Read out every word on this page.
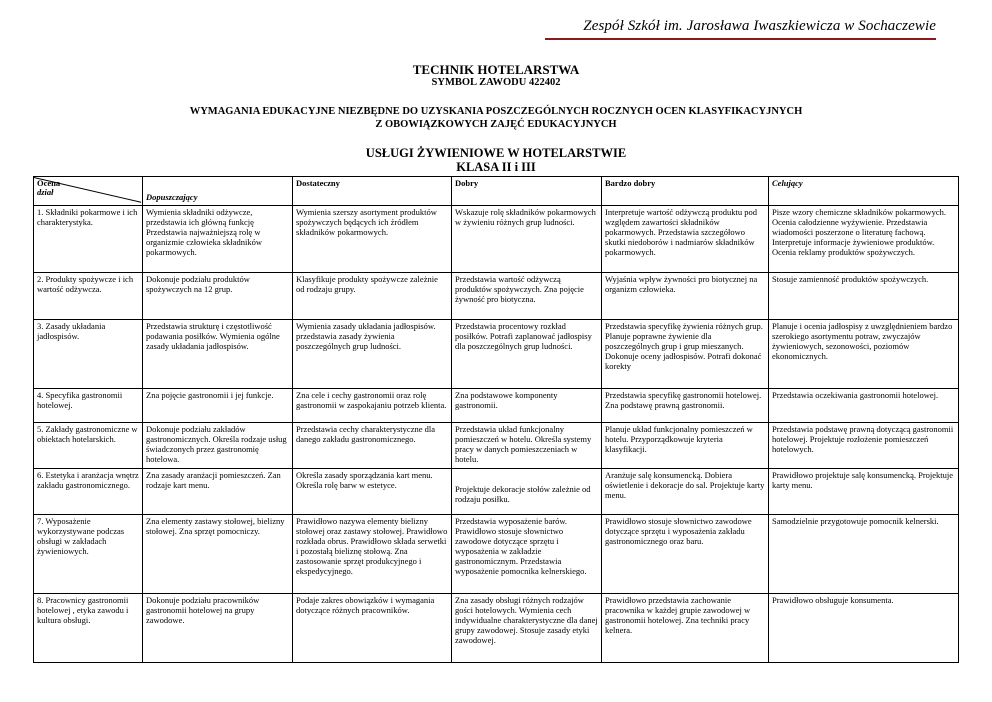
Zespół Szkół im. Jarosława Iwaszkiewicza w Sochaczewie
TECHNIK HOTELARSTWA
SYMBOL ZAWODU 422402
WYMAGANIA EDUKACYJNE NIEZBĘDNE DO UZYSKANIA POSZCZEGÓLNYCH ROCZNYCH OCEN KLASYFIKACYJNYCH
Z OBOWIĄZKOWYCH ZAJĘĆ EDUKACYJNYCH
USŁUGI ŻYWIENIOWE W HOTELARSTWIE
KLASA II i III
Ocena
dział	Dopuszczający	Dostateczny	Dobry	Bardzo dobry	Celujący
1. Składniki pokarmowe i ich charakterystyka.	Wymienia składniki odżywcze, przedstawia ich główną funkcję Przedstawia najważniejszą rolę w organizmie człowieka składników pokarmowych.	Wymienia szerszy asortyment produktów spożywczych będących ich źródłem składników pokarmowych.	Wskazuje rolę składników pokarmowych w żywieniu różnych grup ludności.	Interpretuje wartość odżywczą produktu pod względem zawartości składników pokarmowych. Przedstawia szczegółowo skutki niedoborów i nadmiarów składników pokarmowych.	Pisze wzory chemiczne składników pokarmowych. Ocenia całodzienne wyżywienie. Przedstawia wiadomości poszerzone o literaturę fachową. Interpretuje informacje żywieniowe produktów. Ocenia reklamy produktów spożywczych.
2. Produkty spożywcze i ich wartość odżywcza.	Dokonuje podziału produktów spożywczych na 12 grup.	Klasyfikuje produkty spożywcze zależnie od rodzaju grupy.	Przedstawia wartość odżywczą produktów spożywczych. Zna pojęcie żywność pro biotyczna.	Wyjaśnia wpływ żywności pro biotycznej na organizm człowieka.	Stosuje zamienność produktów spożywczych.
3. Zasady układania jadłospisów.	Przedstawia strukturę i częstotliwość podawania posiłków. Wymienia ogólne zasady układania jadłospisów.	Wymienia zasady układania jadłospisów. przedstawia zasady żywienia poszczególnych grup ludności.	Przedstawia procentowy rozkład posiłków. Potrafi zaplanować jadłospisy dla poszczególnych grup ludności.	Przedstawia specyfikę żywienia różnych grup. Planuje poprawne żywienie dla poszczególnych grup i grup mieszanych. Dokonuje oceny jadłospisów. Potrafi dokonać korekty	Planuje i ocenia jadłospisy z uwzględnieniem bardzo szerokiego asortymentu potraw, zwyczajów żywieniowych, sezonowości, poziomów ekonomicznych.
4. Specyfika gastronomii hotelowej.	Zna pojęcie gastronomii i jej funkcje.	Zna cele i cechy gastronomii oraz rolę gastronomii w zaspokajaniu potrzeb klienta.	Zna podstawowe komponenty gastronomii.	Przedstawia specyfikę gastronomii hotelowej. Zna podstawę prawną gastronomii.	Przedstawia oczekiwania gastronomii hotelowej.
5. Zakłady gastronomiczne w obiektach hotelarskich.	Dokonuje podziału zakładów gastronomicznych. Określa rodzaje usług świadczonych przez gastronomię hotelowa.	Przedstawia cechy charakterystyczne dla danego zakładu gastronomicznego.	Przedstawia układ funkcjonalny pomieszczeń w hotelu. Określa systemy pracy w danych pomieszczeniach w hotelu.	Planuje układ funkcjonalny pomieszczeń w hotelu. Przyporządkowuje kryteria klasyfikacji.	Przedstawia podstawę prawną dotyczącą gastronomii hotelowej. Projektuje rozłożenie pomieszczeń hotelowych.
6. Estetyka i aranżacja wnętrz zakładu gastronomicznego.	Zna zasady aranżacji pomieszczeń. Zan rodzaje kart menu.	Określa zasady sporządzania kart menu. Określa rolę barw w estetyce.	Projektuje dekoracje stołów zależnie od rodzaju posiłku.	Aranżuje salę konsumencką. Dobiera oświetlenie i dekoracje do sal. Projektuje karty menu.	Prawidłowo projektuje salę konsumencką. Projektuje karty menu.
7. Wyposażenie wykorzystywane podczas obsługi w zakładach żywieniowych.	Zna elementy zastawy stołowej, bielizny stołowej. Zna sprzęt pomocniczy.	Prawidłowo nazywa elementy bielizny stołowej oraz zastawy stołowej. Prawidłowo rozkłada obrus. Prawidłowo składa serwetki i pozostałą bieliznę stołową. Zna zastosowanie sprzęt produkcyjnego i ekspedycyjnego.	Przedstawia wyposażenie barów. Prawidłowo stosuje słownictwo zawodowe dotyczące sprzętu i wyposażenia w zakładzie gastronomicznym. Przedstawia wyposażenie pomocnika kelnerskiego.	Prawidłowo stosuje słownictwo zawodowe dotyczące sprzętu i wyposażenia zakładu gastronomicznego oraz baru.	Samodzielnie przygotowuje pomocnik kelnerski.
8. Pracownicy gastronomii hotelowej , etyka zawodu i kultura obsługi.	Dokonuje podziału pracowników gastronomii hotelowej na grupy zawodowe.	Podaje zakres obowiązków i wymagania dotyczące różnych pracowników.	Zna zasady obsługi różnych rodzajów gości hotelowych. Wymienia cech indywidualne charakterystyczne dla danej grupy zawodowej. Stosuje zasady etyki zawodowej.	Prawidłowo przedstawia zachowanie pracownika w każdej grupie zawodowej w gastronomii hotelowej. Zna techniki pracy kelnera.	Prawidłowo obsługuje konsumenta.
